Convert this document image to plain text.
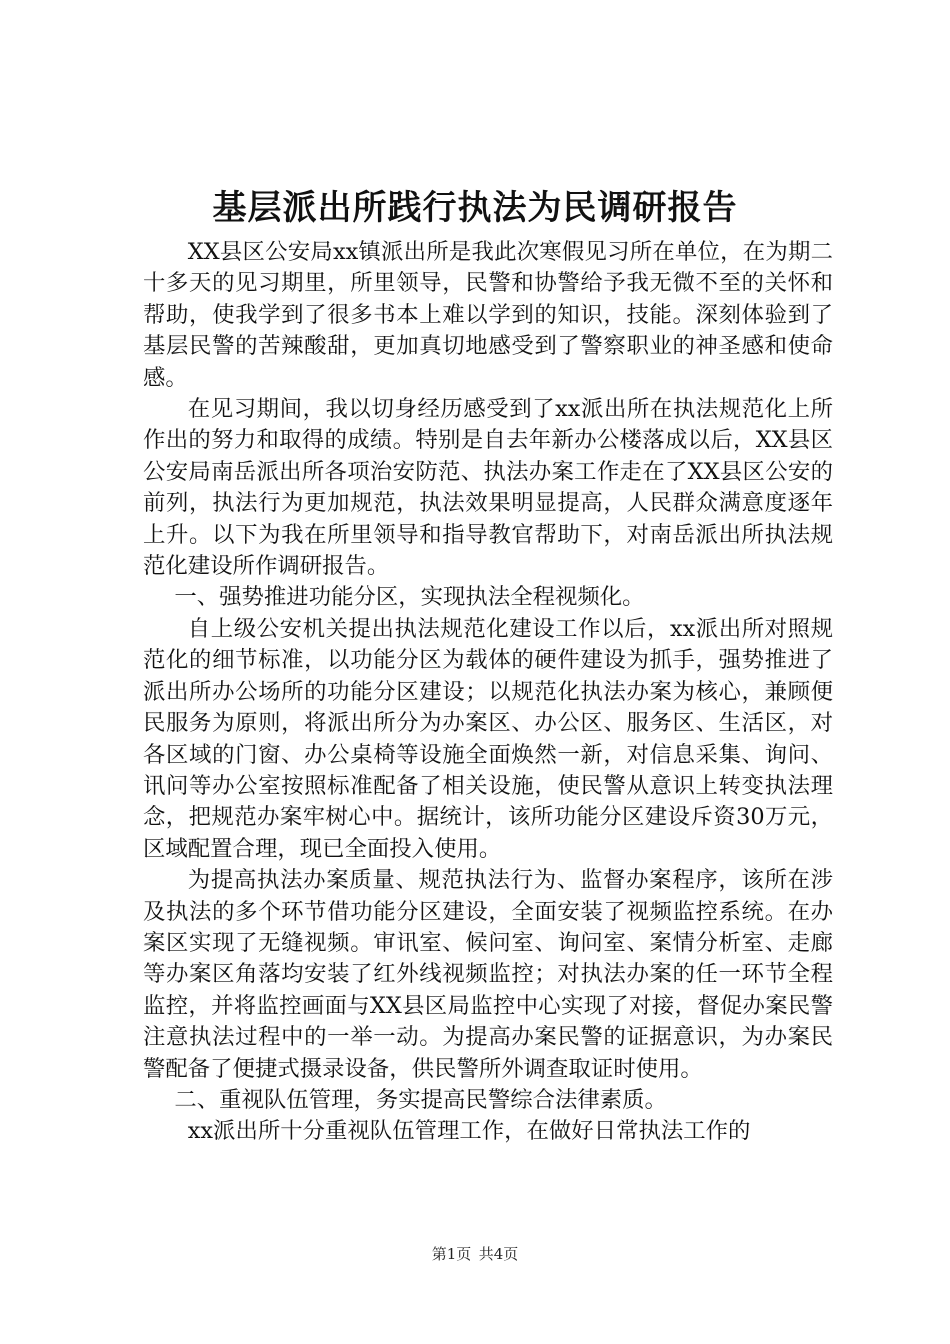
基层派出所践行执法为民调研报告

XX县区公安局xx镇派出所是我此次寒假见习所在单位，在为期二十多天的见习期里，所里领导，民警和协警给予我无微不至的关怀和帮助，使我学到了很多书本上难以学到的知识，技能。深刻体验到了基层民警的苦辣酸甜，更加真切地感受到了警察职业的神圣感和使命感。

在见习期间，我以切身经历感受到了xx派出所在执法规范化上所作出的努力和取得的成绩。特别是自去年新办公楼落成以后，XX县区公安局南岳派出所各项治安防范、执法办案工作走在了XX县区公安的前列，执法行为更加规范，执法效果明显提高，人民群众满意度逐年上升。以下为我在所里领导和指导教官帮助下，对南岳派出所执法规范化建设所作调研报告。

一、强势推进功能分区，实现执法全程视频化。

自上级公安机关提出执法规范化建设工作以后，xx派出所对照规范化的细节标准，以功能分区为载体的硬件建设为抓手，强势推进了派出所办公场所的功能分区建设；以规范化执法办案为核心，兼顾便民服务为原则，将派出所分为办案区、办公区、服务区、生活区，对各区域的门窗、办公桌椅等设施全面焕然一新，对信息采集、询问、讯问等办公室按照标准配备了相关设施，使民警从意识上转变执法理念，把规范办案牢树心中。据统计，该所功能分区建设斥资30万元，区域配置合理，现已全面投入使用。

为提高执法办案质量、规范执法行为、监督办案程序，该所在涉及执法的多个环节借功能分区建设，全面安装了视频监控系统。在办案区实现了无缝视频。审讯室、候问室、询问室、案情分析室、走廊等办案区角落均安装了红外线视频监控；对执法办案的任一环节全程监控，并将监控画面与XX县区局监控中心实现了对接，督促办案民警注意执法过程中的一举一动。为提高办案民警的证据意识，为办案民警配备了便捷式摄录设备，供民警所外调查取证时使用。

二、重视队伍管理，务实提高民警综合法律素质。

xx派出所十分重视队伍管理工作，在做好日常执法工作的

第1页 共4页
